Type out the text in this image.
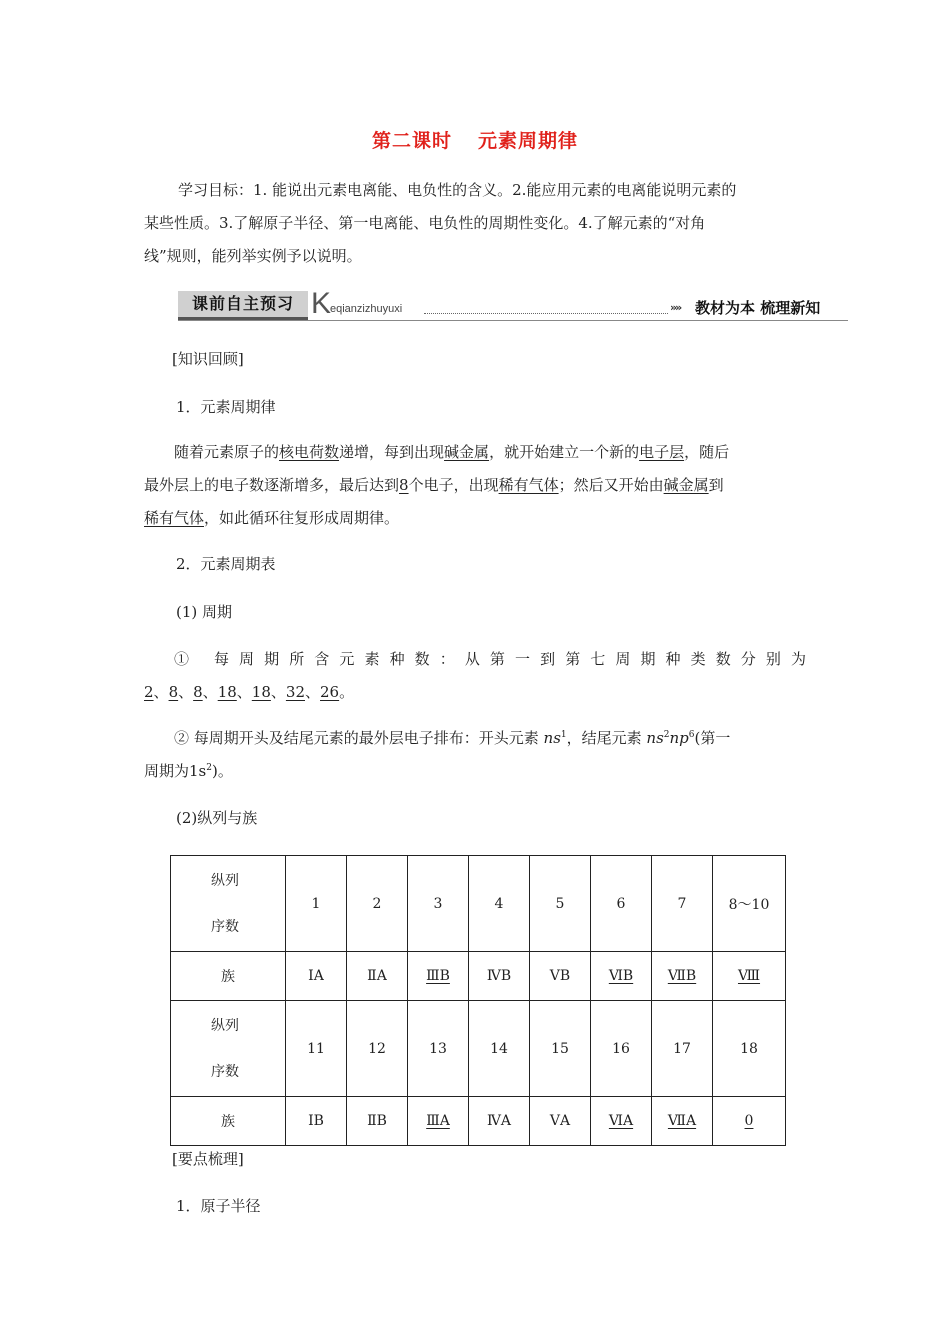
第二课时 元素周期律
学习目标：1. 能说出元素电离能、电负性的含义。2.能应用元素的电离能说明元素的
某些性质。3.了解原子半径、第一电离能、电负性的周期性变化。4.了解元素的“对角
线”规则，能列举实例予以说明。
课前自主预习 K
eqianzizhuyuxi	»» 教材为本 梳理新知
[知识回顾]
1．元素周期律
随着元素原子的核电荷数递增，每到出现碱金属，就开始建立一个新的电子层，随后
最外层上的电子数逐渐增多，最后达到8个电子，出现稀有气体；然后又开始由碱金属到
稀有气体，如此循环往复形成周期律。
2．元素周期表
(1) 周期
① 每周期所含元素种数：从第一到第七周期种类数分别为
2、8、8、18、18、32、26。
② 每周期开头及结尾元素的最外层电子排布：开头元素 $ns^1$，结尾元素 $ns^2np^6$(第一
周期为$1s^2$)。
(2)纵列与族
纵列
序数	1	2	3	4	5	6	7	8～10
族	ⅠA	ⅡA	ⅢB	ⅣB	ⅤB	ⅥB	ⅦB	Ⅷ

纵列
序数	11	12	13	14	15	16	17	18
族	ⅠB	ⅡB	ⅢA	ⅣA	ⅤA	ⅥA	ⅦA	0
[要点梳理]
1．原子半径
